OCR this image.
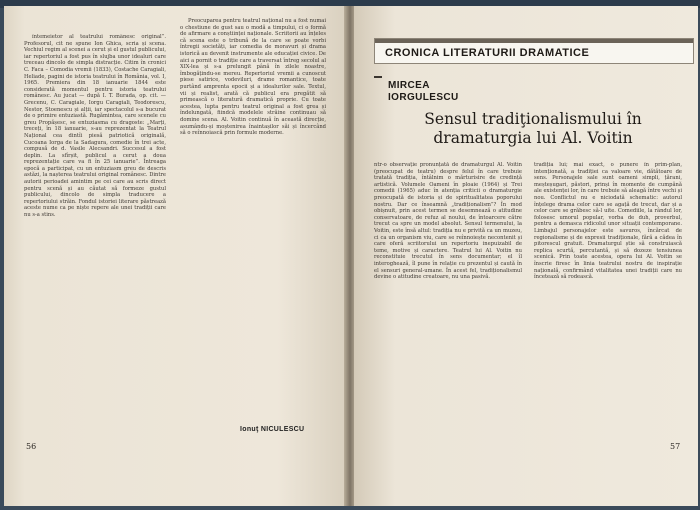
întemeietor al teatrului românesc original”. Profesorul, cit ne spune Ion Ghica, scria și scena. Vechiul regim al scenei a cerut și el gustul publicului, iar repertoriul a fost pus în slujba unor idealuri care treceau dincolo de simpla distracție. Citim în cronici C. Faca – Comodia vremii (1833), Costache Caragiali, Heliade, pagini de istoria teatrului în România, vol. I, 1965. Premiera din 18 ianuarie 1844 este considerată momentul pentru istoria teatrului românesc. Au jucat — după I. T. Burada, op. cit. — Grecenu, C. Caragiale, Iorgu Caragiali, Teodorescu, Nestor, Stoenescu și alții, iar spectacolul s-a bucurat de o primire entuziastă. Rugămintea, care scenele cu greu Propășesc, se entuziasma cu dragoste: „Marți, treceți, în 18 ianuarie, s-au reprezentat la Teatrul Național cea dintîi piesă patriotică originală, Cucoana Iorga de la Sadagura, comedie în trei acte, compusă de d. Vasile Alecsandri. Succesul a fost deplin. La sfîrșit, publicul a cerut a doua reprezentație care va fi în 25 ianuarie”. Întreaga epocă a participat, cu un entuziasm greu de descris astăzi, la nașterea teatrului original românesc. Dintre autorii perioadei amintim pe cei care au scris direct pentru scenă și au căutat să formeze gustul publicului, dincolo de simpla traducere a repertoriului străin. Fondul istoriei literare păstrează aceste nume ca pe niște repere ale unei tradiții care nu s-a stins.

Preocuparea pentru teatrul național nu a fost numai o chestiune de gust sau o modă a timpului, ci o formă de afirmare a conștiinței naționale. Scriitorii au înțeles că scena este o tribună de la care se poate vorbi întregii societăți, iar comedia de moravuri și drama istorică au devenit instrumente ale educației civice. De aici a pornit o tradiție care a traversat întreg secolul al XIX-lea și s-a prelungit până în zilele noastre, îmbogățindu-se mereu. Repertoriul vremii a cunoscut piese satirice, vodeviluri, drame romantice, toate purtând amprenta epocii și a idealurilor sale. Textul, vii și realist, arată că publicul era pregătit să primească o literatură dramatică proprie. Cu toate acestea, lupta pentru teatrul original a fost grea și îndelungată, fiindcă modelele străine continuau să domine scena. Al. Voitin continuă în această direcție, asumându-și moștenirea înaintașilor săi și încercând să o reînnoiască prin formule moderne.

Ionuţ NICULESCU
56
CRONICA LITERATURII DRAMATICE
MIRCEA
IORGULESCU
Sensul tradiţionalismului în dramaturgia lui Al. Voitin

ntr-o observație pronunțată de dramaturgul Al. Voitin (preocupat de teatru) despre felul în care trebuie tratată tradiția, întâlnim o mărturisire de credință artistică. Volumele Oameni în ploaie (1964) și Trei comedii (1965) aduc în atenția criticii o dramaturgie preocupată de istoria și de spiritualitatea poporului nostru. Dar ce înseamnă „tradiționalism”? În mod obișnuit, prin acest termen se desemnează o atitudine conservatoare, de refuz al noului, de întoarcere către trecut ca spre un model absolut. Sensul termenului, la Voitin, este însă altul: tradiția nu e privită ca un muzeu, ci ca un organism viu, care se reînnoiește necontenit și care oferă scriitorului un repertoriu inepuizabil de teme, motive și caractere. Teatrul lui Al. Voitin nu reconstituie trecutul în sens documentar; el îl interoghează, îl pune în relație cu prezentul și caută în el sensuri general-umane. În acest fel, tradiționalismul devine o atitudine creatoare, nu una pasivă.

tradiția lui; mai exact, o punere în prim-plan, intenționată, a tradiției ca valoare vie, dătătoare de sens. Personajele sale sunt oameni simpli, țărani, meșteșugari, păstori, prinși în momente de cumpănă ale existenței lor, în care trebuie să aleagă între vechi și nou. Conflictul nu e niciodată schematic: autorul înțelege drama celor care se agață de trecut, dar și a celor care se grăbesc să-l uite. Comediile, la rândul lor, folosesc umorul popular, vorba de duh, proverbul, pentru a demasca ridicolul unor situații contemporane. Limbajul personajelor este savuros, încărcat de regionalisme și de expresii tradiționale, fără a cădea în pitorescul gratuit. Dramaturgul știe să construiască replica scurtă, percutantă, și să dozeze tensiunea scenică. Prin toate acestea, opera lui Al. Voitin se înscrie firesc în linia teatrului nostru de inspirație națională, confirmând vitalitatea unei tradiții care nu încetează să rodească.

57
